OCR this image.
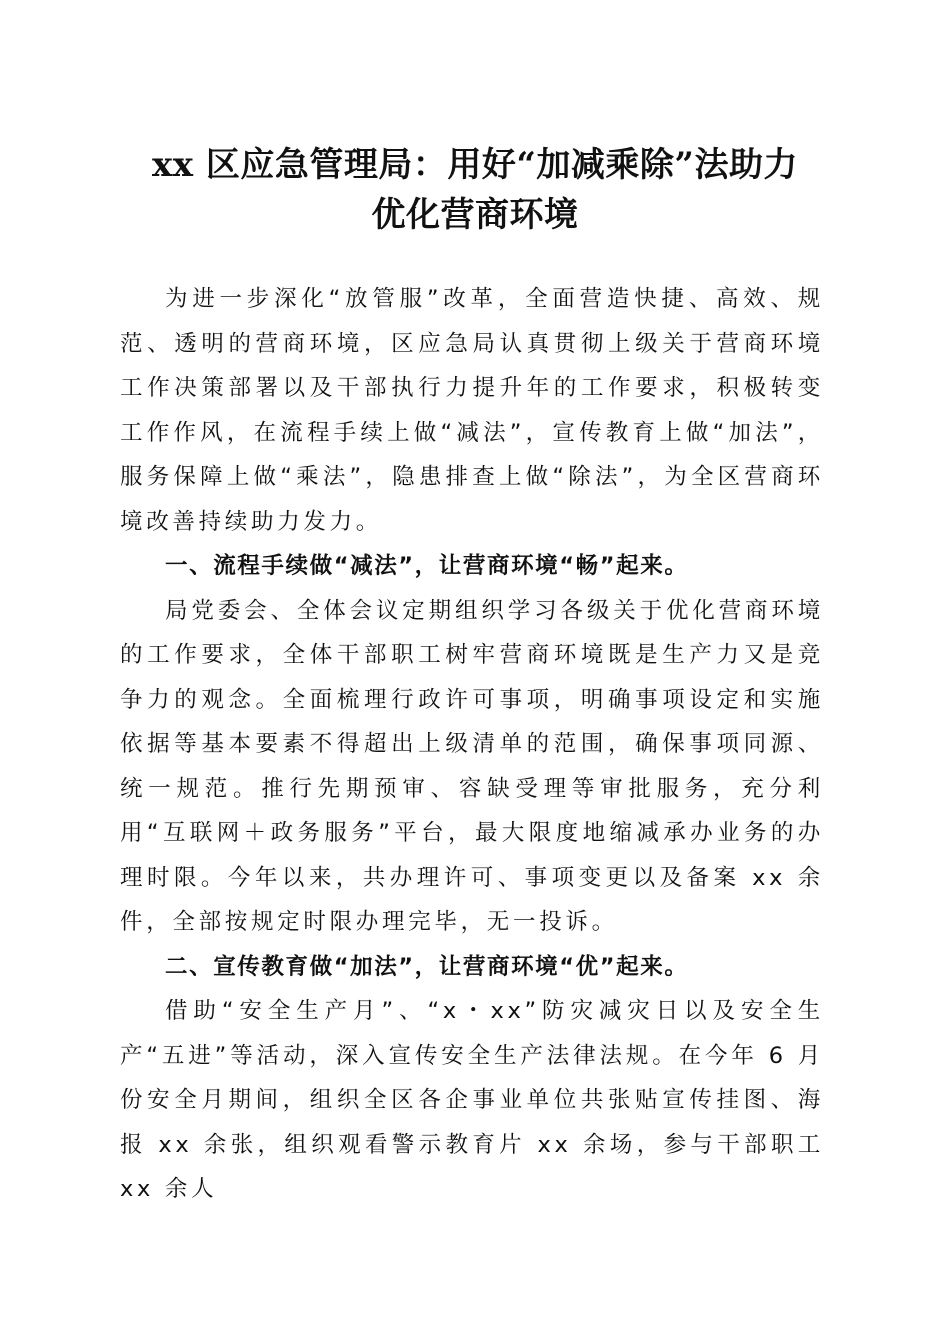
xx 区应急管理局：用好“加减乘除”法助力
优化营商环境

为进一步深化“放管服”改革，全面营造快捷、高效、规范、透明的营商环境，区应急局认真贯彻上级关于营商环境工作决策部署以及干部执行力提升年的工作要求，积极转变工作作风，在流程手续上做“减法”，宣传教育上做“加法”，服务保障上做“乘法”，隐患排查上做“除法”，为全区营商环境改善持续助力发力。

一、流程手续做“减法”，让营商环境“畅”起来。

局党委会、全体会议定期组织学习各级关于优化营商环境的工作要求，全体干部职工树牢营商环境既是生产力又是竞争力的观念。全面梳理行政许可事项，明确事项设定和实施依据等基本要素不得超出上级清单的范围，确保事项同源、统一规范。推行先期预审、容缺受理等审批服务，充分利用“互联网＋政务服务”平台，最大限度地缩减承办业务的办理时限。今年以来，共办理许可、事项变更以及备案 xx 余件，全部按规定时限办理完毕，无一投诉。

二、宣传教育做“加法”，让营商环境“优”起来。

借助“安全生产月”、“x・xx”防灾减灾日以及安全生产“五进”等活动，深入宣传安全生产法律法规。在今年 6 月份安全月期间，组织全区各企事业单位共张贴宣传挂图、海报 xx 余张，组织观看警示教育片 xx 余场，参与干部职工 xx 余人
